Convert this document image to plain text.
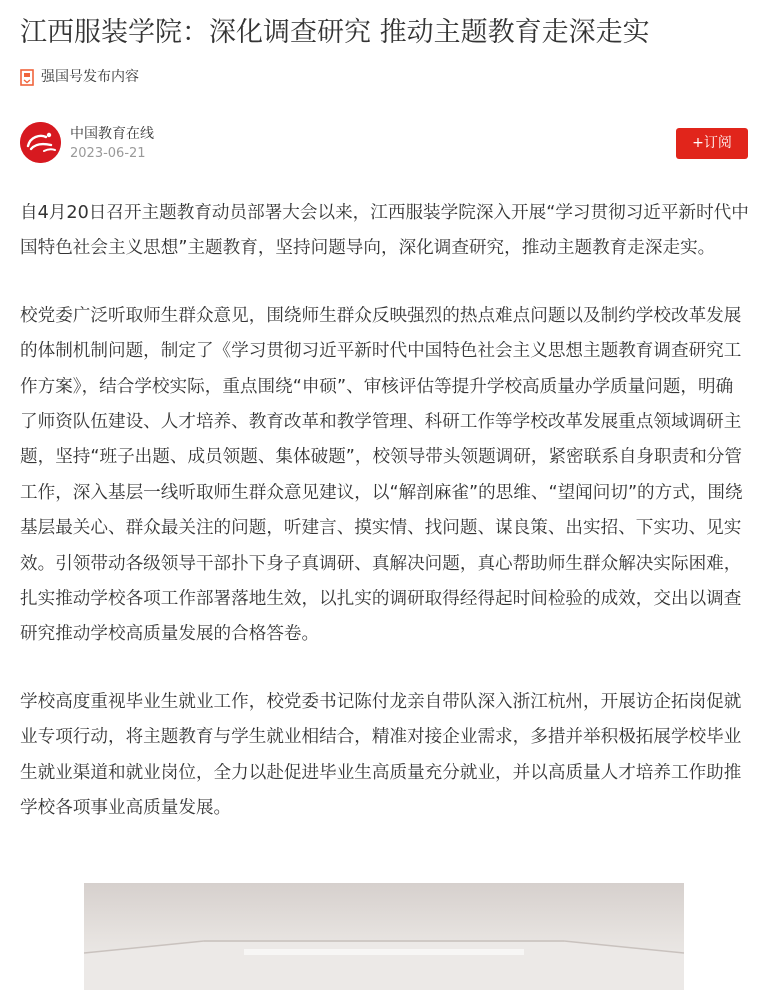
江西服装学院：深化调查研究 推动主题教育走深走实
强国号发布内容
中国教育在线
2023-06-21
+订阅

自4月20日召开主题教育动员部署大会以来，江西服装学院深入开展“学习贯彻习近平新时代中国特色社会主义思想”主题教育，坚持问题导向，深化调查研究，推动主题教育走深走实。

校党委广泛听取师生群众意见，围绕师生群众反映强烈的热点难点问题以及制约学校改革发展的体制机制问题，制定了《学习贯彻习近平新时代中国特色社会主义思想主题教育调查研究工作方案》，结合学校实际，重点围绕“申硕”、审核评估等提升学校高质量办学质量问题，明确了师资队伍建设、人才培养、教育改革和教学管理、科研工作等学校改革发展重点领域调研主题，坚持“班子出题、成员领题、集体破题”，校领导带头领题调研，紧密联系自身职责和分管工作，深入基层一线听取师生群众意见建议，以“解剖麻雀”的思维、“望闻问切”的方式，围绕基层最关心、群众最关注的问题，听建言、摸实情、找问题、谋良策、出实招、下实功、见实效。引领带动各级领导干部扑下身子真调研、真解决问题，真心帮助师生群众解决实际困难，扎实推动学校各项工作部署落地生效，以扎实的调研取得经得起时间检验的成效，交出以调查研究推动学校高质量发展的合格答卷。

学校高度重视毕业生就业工作，校党委书记陈付龙亲自带队深入浙江杭州，开展访企拓岗促就业专项行动，将主题教育与学生就业相结合，精准对接企业需求，多措并举积极拓展学校毕业生就业渠道和就业岗位，全力以赴促进毕业生高质量充分就业，并以高质量人才培养工作助推学校各项事业高质量发展。
